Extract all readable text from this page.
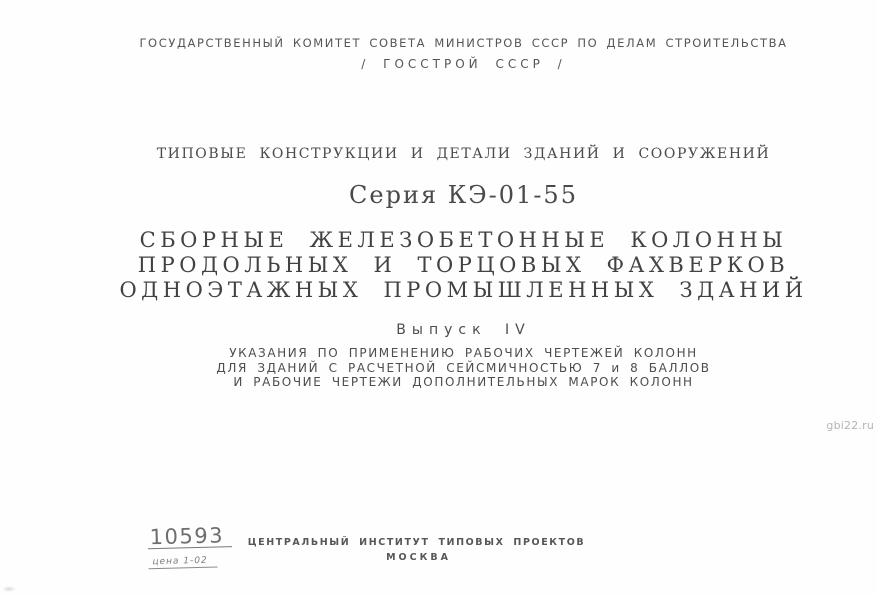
ГОСУДАРСТВЕННЫЙ КОМИТЕТ СОВЕТА МИНИСТРОВ СССР ПО ДЕЛАМ СТРОИТЕЛЬСТВА
/ ГОССТРОЙ СССР /
ТИПОВЫЕ КОНСТРУКЦИИ И ДЕТАЛИ ЗДАНИЙ И СООРУЖЕНИЙ
Серия КЭ-01-55
СБОРНЫЕ ЖЕЛЕЗОБЕТОННЫЕ КОЛОННЫ
ПРОДОЛЬНЫХ И ТОРЦОВЫХ ФАХВЕРКОВ
ОДНОЭТАЖНЫХ ПРОМЫШЛЕННЫХ ЗДАНИЙ
Выпуск IV
УКАЗАНИЯ ПО ПРИМЕНЕНИЮ РАБОЧИХ ЧЕРТЕЖЕЙ КОЛОНН
ДЛЯ ЗДАНИЙ С РАСЧЕТНОЙ СЕЙСМИЧНОСТЬЮ 7 и 8 БАЛЛОВ
И РАБОЧИЕ ЧЕРТЕЖИ ДОПОЛНИТЕЛЬНЫХ МАРОК КОЛОНН
gbi22.ru
10593
цена 1-02
ЦЕНТРАЛЬНЫЙ ИНСТИТУТ ТИПОВЫХ ПРОЕКТОВ
МОСКВА
